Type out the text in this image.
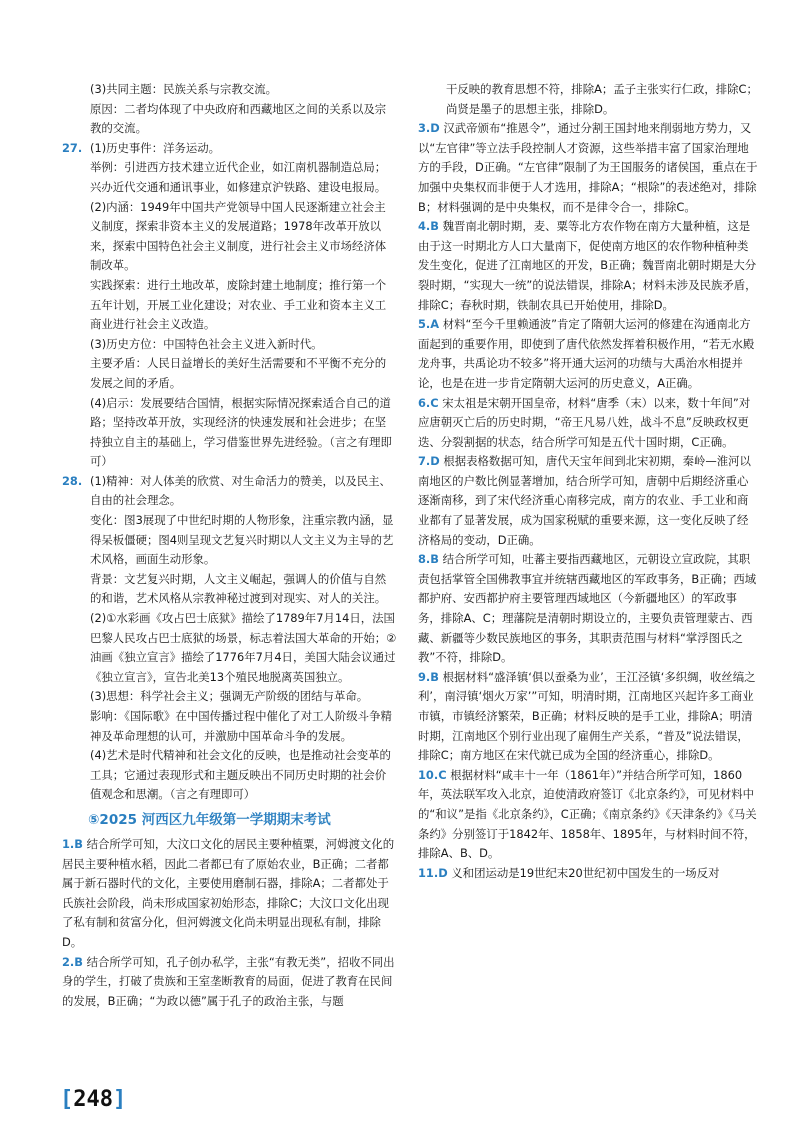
(3)共同主题：民族关系与宗教交流。

原因：二者均体现了中央政府和西藏地区之间的关系以及宗教的交流。

27. (1)历史事件：洋务运动。

举例：引进西方技术建立近代企业，如江南机器制造总局；兴办近代交通和通讯事业，如修建京沪铁路、建设电报局。

(2)内涵：1949年中国共产党领导中国人民逐渐建立社会主义制度，探索非资本主义的发展道路；1978年改革开放以来，探索中国特色社会主义制度，进行社会主义市场经济体制改革。

实践探索：进行土地改革，废除封建土地制度；推行第一个五年计划，开展工业化建设；对农业、手工业和资本主义工商业进行社会主义改造。

(3)历史方位：中国特色社会主义进入新时代。

主要矛盾：人民日益增长的美好生活需要和不平衡不充分的发展之间的矛盾。

(4)启示：发展要结合国情，根据实际情况探索适合自己的道路；坚持改革开放，实现经济的快速发展和社会进步；在坚持独立自主的基础上，学习借鉴世界先进经验。（言之有理即可）

28. (1)精神：对人体美的欣赏、对生命活力的赞美，以及民主、自由的社会理念。

变化：图3展现了中世纪时期的人物形象，注重宗教内涵，显得呆板僵硬；图4则呈现文艺复兴时期以人文主义为主导的艺术风格，画面生动形象。

背景：文艺复兴时期，人文主义崛起，强调人的价值与自然的和谐，艺术风格从宗教神秘过渡到对现实、对人的关注。

(2)①水彩画《攻占巴士底狱》描绘了1789年7月14日，法国巴黎人民攻占巴士底狱的场景，标志着法国大革命的开始；②油画《独立宣言》描绘了1776年7月4日，美国大陆会议通过《独立宣言》，宣告北美13个殖民地脱离英国独立。

(3)思想：科学社会主义；强调无产阶级的团结与革命。

影响：《国际歌》在中国传播过程中催化了对工人阶级斗争精神及革命理想的认可，并激励中国革命斗争的发展。

(4)艺术是时代精神和社会文化的反映，也是推动社会变革的工具；它通过表现形式和主题反映出不同历史时期的社会价值观念和思潮。（言之有理即可）

⑤2025 河西区九年级第一学期期末考试

1.B 结合所学可知，大汶口文化的居民主要种植粟，河姆渡文化的居民主要种植水稻，因此二者都已有了原始农业，B正确；二者都属于新石器时代的文化，主要使用磨制石器，排除A；二者都处于氏族社会阶段，尚未形成国家初始形态，排除C；大汶口文化出现了私有制和贫富分化，但河姆渡文化尚未明显出现私有制，排除D。

2.B 结合所学可知，孔子创办私学，主张“有教无类”，招收不同出身的学生，打破了贵族和王室垄断教育的局面，促进了教育在民间的发展，B正确；“为政以德”属于孔子的政治主张，与题

干反映的教育思想不符，排除A；孟子主张实行仁政，排除C；尚贤是墨子的思想主张，排除D。

3.D 汉武帝颁布“推恩令”，通过分割王国封地来削弱地方势力，又以“左官律”等立法手段控制人才资源，这些举措丰富了国家治理地方的手段，D正确。“左官律”限制了为王国服务的诸侯国，重点在于加强中央集权而非便于人才选用，排除A；“根除”的表述绝对，排除B；材料强调的是中央集权，而不是律令合一，排除C。

4.B 魏晋南北朝时期，麦、粟等北方农作物在南方大量种植，这是由于这一时期北方人口大量南下，促使南方地区的农作物种植种类发生变化，促进了江南地区的开发，B正确；魏晋南北朝时期是大分裂时期，“实现大一统”的说法错误，排除A；材料未涉及民族矛盾，排除C；春秋时期，铁制农具已开始使用，排除D。

5.A 材料“至今千里赖通波”肯定了隋朝大运河的修建在沟通南北方面起到的重要作用，即使到了唐代依然发挥着积极作用，“若无水殿龙舟事，共禹论功不较多”将开通大运河的功绩与大禹治水相提并论，也是在进一步肯定隋朝大运河的历史意义，A正确。

6.C 宋太祖是宋朝开国皇帝，材料“唐季（末）以来，数十年间”对应唐朝灭亡后的历史时期，“帝王凡易八姓，战斗不息”反映政权更迭、分裂割据的状态，结合所学可知是五代十国时期，C正确。

7.D 根据表格数据可知，唐代天宝年间到北宋初期，秦岭—淮河以南地区的户数比例显著增加，结合所学可知，唐朝中后期经济重心逐渐南移，到了宋代经济重心南移完成，南方的农业、手工业和商业都有了显著发展，成为国家税赋的重要来源，这一变化反映了经济格局的变动，D正确。

8.B 结合所学可知，吐蕃主要指西藏地区，元朝设立宣政院，其职责包括掌管全国佛教事宜并统辖西藏地区的军政事务，B正确；西域都护府、安西都护府主要管理西域地区（今新疆地区）的军政事务，排除A、C；理藩院是清朝时期设立的，主要负责管理蒙古、西藏、新疆等少数民族地区的事务，其职责范围与材料“掌浮图氏之教”不符，排除D。

9.B 根据材料“盛泽镇‘俱以蚕桑为业’，王江泾镇‘多织绸，收丝缟之利’，南浔镇‘烟火万家’”可知，明清时期，江南地区兴起许多工商业市镇，市镇经济繁荣，B正确；材料反映的是手工业，排除A；明清时期，江南地区个别行业出现了雇佣生产关系，“普及”说法错误，排除C；南方地区在宋代就已成为全国的经济重心，排除D。

10.C 根据材料“咸丰十一年（1861年）”并结合所学可知，1860年，英法联军攻入北京，迫使清政府签订《北京条约》，可见材料中的“和议”是指《北京条约》，C正确；《南京条约》《天津条约》《马关条约》分别签订于1842年、1858年、1895年，与材料时间不符，排除A、B、D。

11.D 义和团运动是19世纪末20世纪初中国发生的一场反对

[248]
